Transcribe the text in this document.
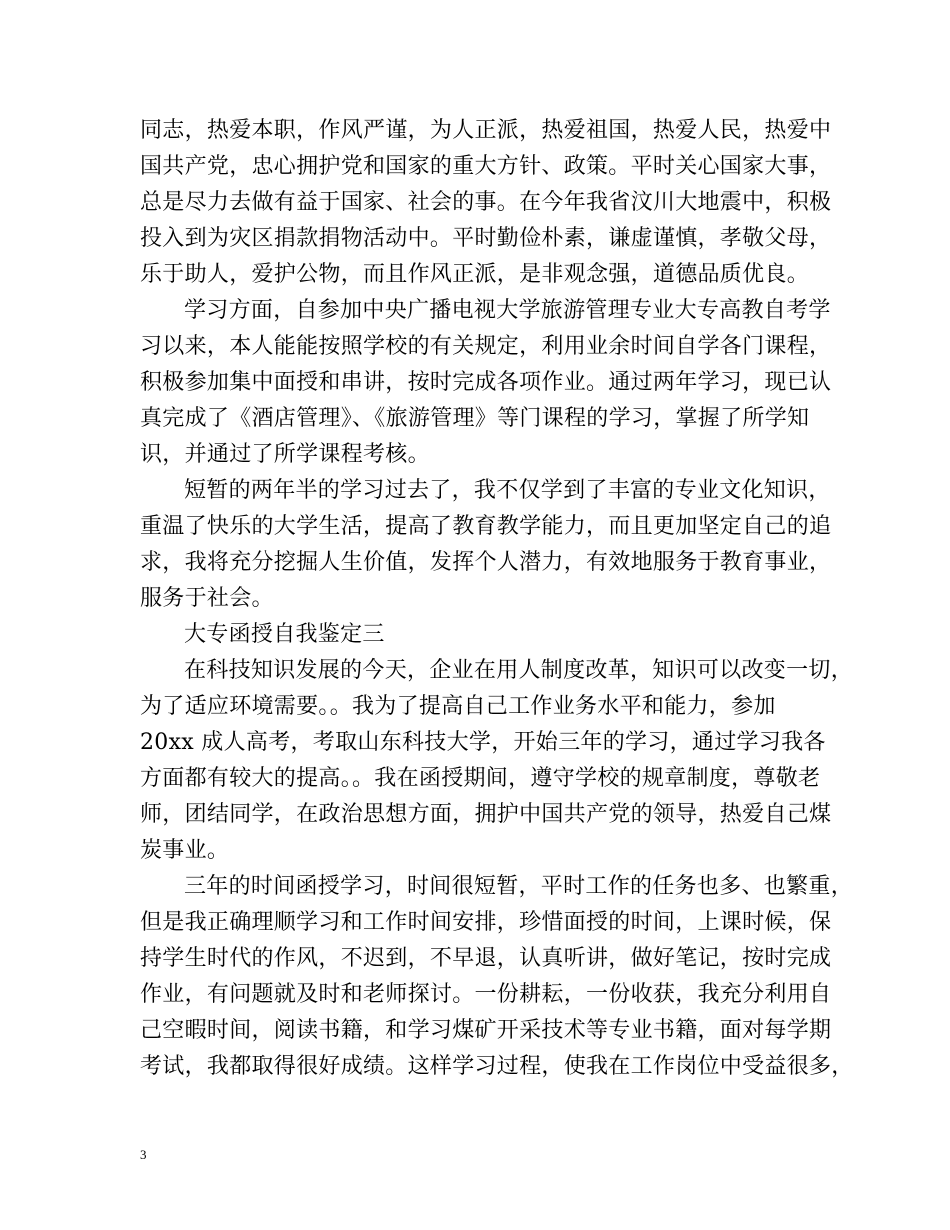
同志，热爱本职，作风严谨，为人正派，热爱祖国，热爱人民，热爱中
国共产党，忠心拥护党和国家的重大方针、政策。平时关心国家大事，
总是尽力去做有益于国家、社会的事。在今年我省汶川大地震中，积极
投入到为灾区捐款捐物活动中。平时勤俭朴素，谦虚谨慎，孝敬父母，
乐于助人，爱护公物，而且作风正派，是非观念强，道德品质优良。
学习方面，自参加中央广播电视大学旅游管理专业大专高教自考学
习以来，本人能能按照学校的有关规定，利用业余时间自学各门课程，
积极参加集中面授和串讲，按时完成各项作业。通过两年学习，现已认
真完成了《酒店管理》、《旅游管理》等门课程的学习，掌握了所学知
识，并通过了所学课程考核。
短暂的两年半的学习过去了，我不仅学到了丰富的专业文化知识，
重温了快乐的大学生活，提高了教育教学能力，而且更加坚定自己的追
求，我将充分挖掘人生价值，发挥个人潜力，有效地服务于教育事业，
服务于社会。
大专函授自我鉴定三
在科技知识发展的今天，企业在用人制度改革，知识可以改变一切，
为了适应环境需要。。我为了提高自己工作业务水平和能力，参加
20xx 成人高考，考取山东科技大学，开始三年的学习，通过学习我各
方面都有较大的提高。。我在函授期间，遵守学校的规章制度，尊敬老
师，团结同学，在政治思想方面，拥护中国共产党的领导，热爱自己煤
炭事业。
三年的时间函授学习，时间很短暂，平时工作的任务也多、也繁重，
但是我正确理顺学习和工作时间安排，珍惜面授的时间，上课时候，保
持学生时代的作风，不迟到，不早退，认真听讲，做好笔记，按时完成
作业，有问题就及时和老师探讨。一份耕耘，一份收获，我充分利用自
己空暇时间，阅读书籍，和学习煤矿开采技术等专业书籍，面对每学期
考试，我都取得很好成绩。这样学习过程，使我在工作岗位中受益很多，
3
